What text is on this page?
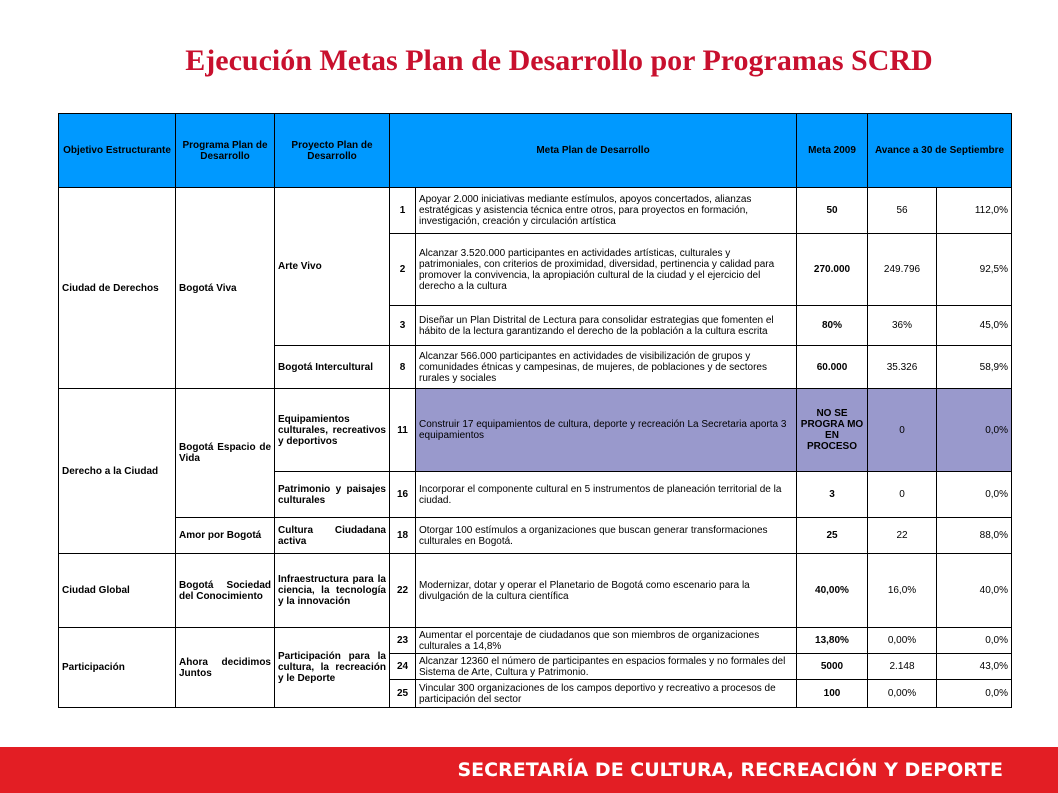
Ejecución Metas Plan de Desarrollo por Programas SCRD
Objetivo Estructurante	Programa Plan de Desarrollo	Proyecto Plan de Desarrollo	Meta Plan de Desarrollo		Meta 2009	Avance a 30 de Septiembre	
Ciudad de Derechos	Bogotá Viva	Arte Vivo	1	Apoyar 2.000 iniciativas mediante estímulos, apoyos concertados, alianzas estratégicas y asistencia técnica entre otros, para proyectos en formación, investigación, creación y circulación artística	50	56	112,0%
			2	Alcanzar 3.520.000 participantes en actividades artísticas, culturales y patrimoniales, con criterios de proximidad, diversidad, pertinencia y calidad para promover la convivencia, la apropiación cultural de la ciudad y el ejercicio del derecho a la cultura	270.000	249.796	92,5%
			3	Diseñar un Plan Distrital de Lectura para consolidar estrategias que fomenten el hábito de la lectura garantizando el derecho de la población a la cultura escrita	80%	36%	45,0%
		Bogotá Intercultural	8	Alcanzar 566.000 participantes en actividades de visibilización de grupos y comunidades étnicas y campesinas, de mujeres, de poblaciones y de sectores rurales y sociales	60.000	35.326	58,9%
Derecho a la Ciudad	Bogotá Espacio de Vida	Equipamientos culturales, recreativos y deportivos	11	Construir 17 equipamientos de cultura, deporte y recreación La Secretaria aporta 3 equipamientos	NO SE PROGRA MO EN PROCESO	0	0,0%
		Patrimonio y paisajes culturales	16	Incorporar el componente cultural en 5 instrumentos de planeación territorial de la ciudad.	3	0	0,0%
	Amor por Bogotá	Cultura Ciudadana activa	18	Otorgar 100 estímulos a organizaciones que buscan generar transformaciones culturales en Bogotá.	25	22	88,0%
Ciudad Global	Bogotá Sociedad del Conocimiento	Infraestructura para la ciencia, la tecnología y la innovación	22	Modernizar, dotar y operar el Planetario de Bogotá como escenario para la divulgación de la cultura científica	40,00%	16,0%	40,0%
Participación	Ahora decidimos Juntos	Participación para la cultura, la recreación y le Deporte	23	Aumentar el porcentaje de ciudadanos que son miembros de organizaciones culturales a 14,8%	13,80%	0,00%	0,0%
			24	Alcanzar 12360 el número de participantes en espacios formales y no formales del Sistema de Arte, Cultura y Patrimonio.	5000	2.148	43,0%
			25	Vincular 300 organizaciones de los campos deportivo y recreativo a procesos de participación del sector	100	0,00%	0,0%
SECRETARÍA DE CULTURA, RECREACIÓN Y DEPORTE
